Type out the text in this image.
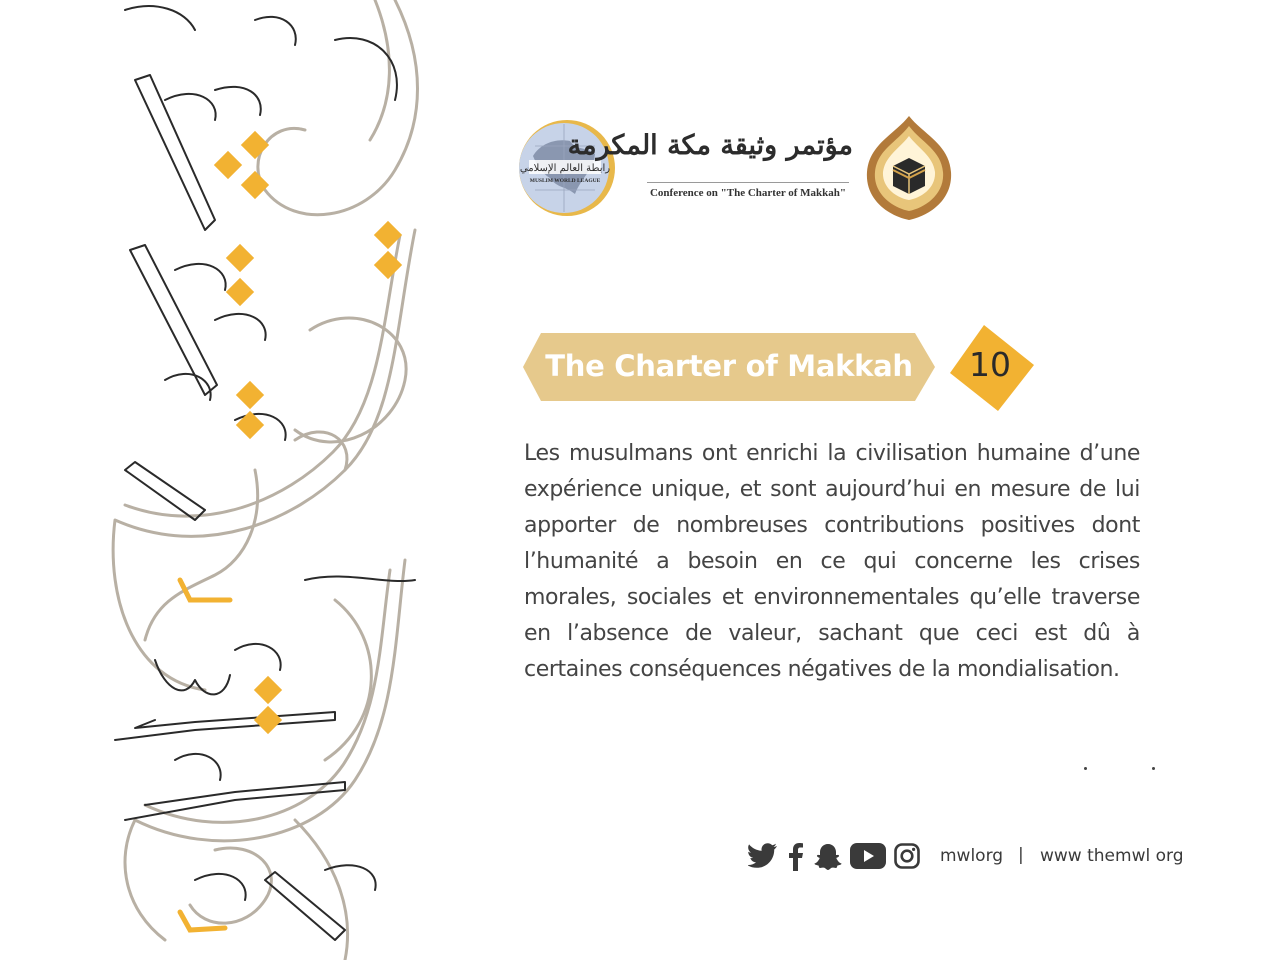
رابطة العالم الإسلامي
MUSLIM WORLD LEAGUE
مؤتمر وثيقة مكة المكرمة
Conference on "The Charter of Makkah"
The Charter of Makkah	10

Les musulmans ont enrichi la civilisation humaine d’une expérience unique, et sont aujourd’hui en mesure de lui apporter de nombreuses contributions positives dont l’humanité a besoin en ce qui concerne les crises morales, sociales et environnementales qu’elle traverse en l’absence de valeur, sachant que ceci est dû à certaines conséquences négatives de la mondialisation.

mwlorg | www themwl org
